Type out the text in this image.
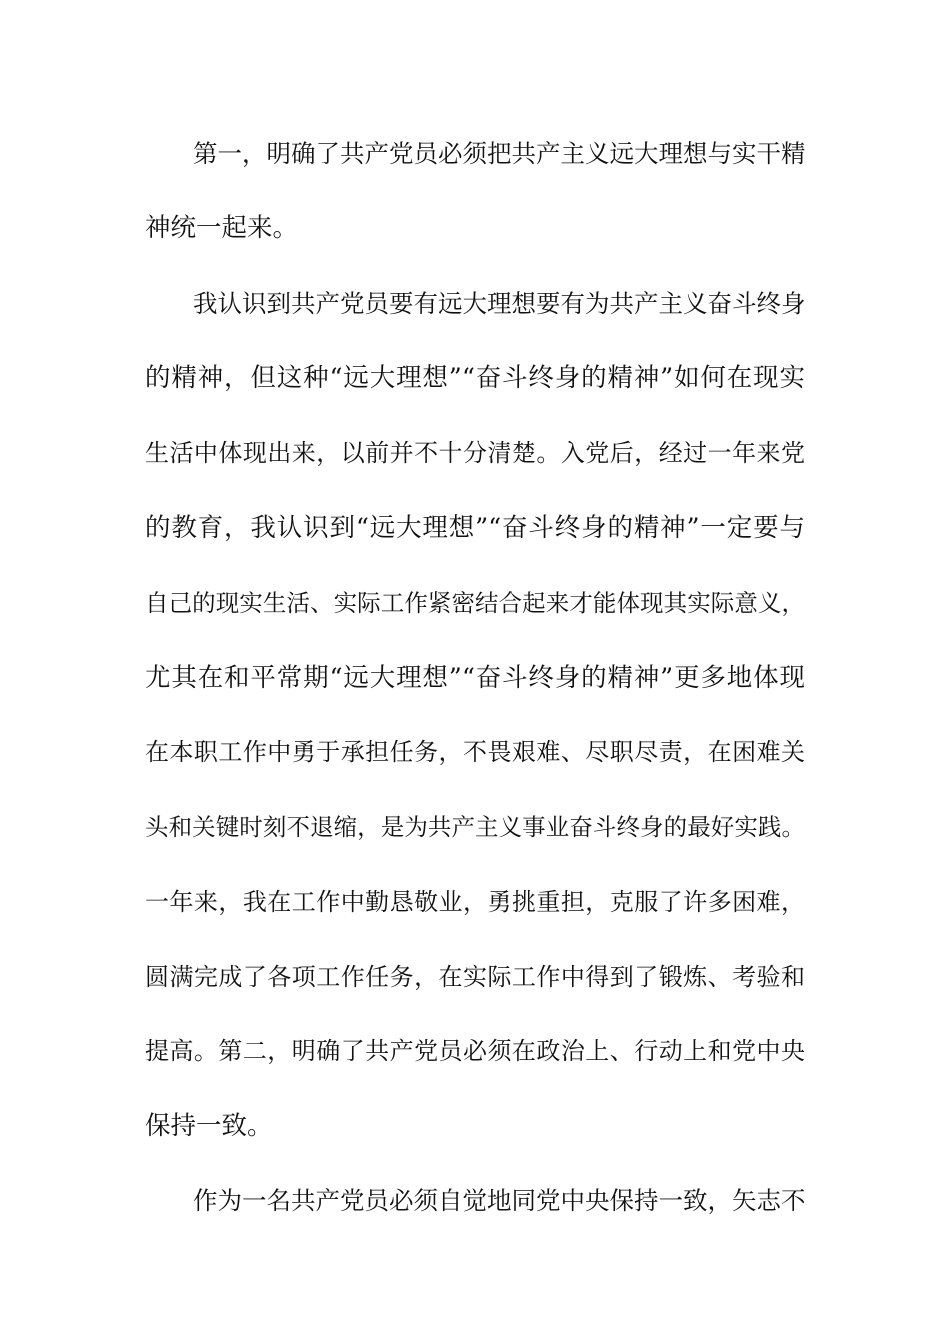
第一，明确了共产党员必须把共产主义远大理想与实干精
神统一起来。
我认识到共产党员要有远大理想要有为共产主义奋斗终身
的精神，但这种“远大理想”“奋斗终身的精神”如何在现实
生活中体现出来，以前并不十分清楚。入党后，经过一年来党
的教育，我认识到“远大理想”“奋斗终身的精神”一定要与
自己的现实生活、实际工作紧密结合起来才能体现其实际意义，
尤其在和平常期“远大理想”“奋斗终身的精神”更多地体现
在本职工作中勇于承担任务，不畏艰难、尽职尽责，在困难关
头和关键时刻不退缩，是为共产主义事业奋斗终身的最好实践。
一年来，我在工作中勤恳敬业，勇挑重担，克服了许多困难，
圆满完成了各项工作任务，在实际工作中得到了锻炼、考验和
提高。第二，明确了共产党员必须在政治上、行动上和党中央
保持一致。
作为一名共产党员必须自觉地同党中央保持一致，矢志不
